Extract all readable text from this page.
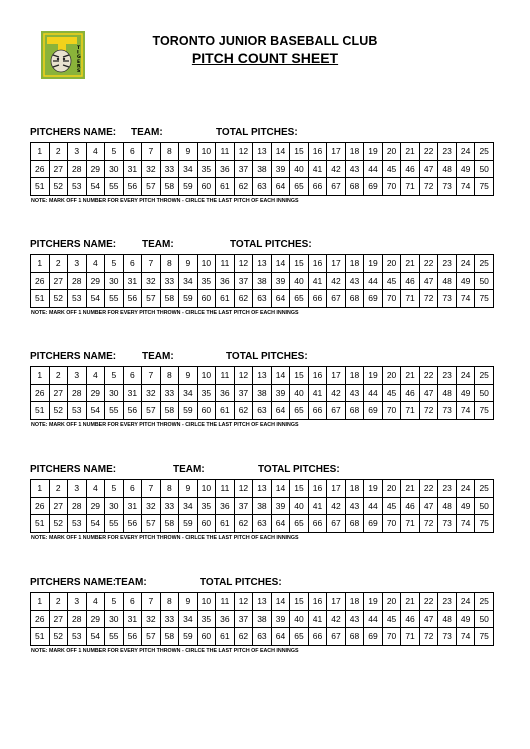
T I G E R S
TORONTO JUNIOR BASEBALL CLUB
PITCH COUNT SHEET
PITCHERS NAME: TEAM:	TOTAL PITCHES:
1	2	3	4	5	6	7	8	9	10	11	12	13	14	15	16	17	18	19	20	21	22	23	24	25
26	27	28	29	30	31	32	33	34	35	36	37	38	39	40	41	42	43	44	45	46	47	48	49	50
51	52	53	54	55	56	57	58	59	60	61	62	63	64	65	66	67	68	69	70	71	72	73	74	75
NOTE: MARK OFF 1 NUMBER FOR EVERY PITCH THROWN - CIRLCE THE LAST PITCH OF EACH INNINGS
PITCHERS NAME:	TEAM:	TOTAL PITCHES:
1	2	3	4	5	6	7	8	9	10	11	12	13	14	15	16	17	18	19	20	21	22	23	24	25
26	27	28	29	30	31	32	33	34	35	36	37	38	39	40	41	42	43	44	45	46	47	48	49	50
51	52	53	54	55	56	57	58	59	60	61	62	63	64	65	66	67	68	69	70	71	72	73	74	75
NOTE: MARK OFF 1 NUMBER FOR EVERY PITCH THROWN - CIRLCE THE LAST PITCH OF EACH INNINGS
PITCHERS NAME:	TEAM:	TOTAL PITCHES:
1	2	3	4	5	6	7	8	9	10	11	12	13	14	15	16	17	18	19	20	21	22	23	24	25
26	27	28	29	30	31	32	33	34	35	36	37	38	39	40	41	42	43	44	45	46	47	48	49	50
51	52	53	54	55	56	57	58	59	60	61	62	63	64	65	66	67	68	69	70	71	72	73	74	75
NOTE: MARK OFF 1 NUMBER FOR EVERY PITCH THROWN - CIRLCE THE LAST PITCH OF EACH INNINGS
PITCHERS NAME:	TEAM:	TOTAL PITCHES:
1	2	3	4	5	6	7	8	9	10	11	12	13	14	15	16	17	18	19	20	21	22	23	24	25
26	27	28	29	30	31	32	33	34	35	36	37	38	39	40	41	42	43	44	45	46	47	48	49	50
51	52	53	54	55	56	57	58	59	60	61	62	63	64	65	66	67	68	69	70	71	72	73	74	75
NOTE: MARK OFF 1 NUMBER FOR EVERY PITCH THROWN - CIRLCE THE LAST PITCH OF EACH INNINGS
PITCHERS NAME:
TEAM:	TOTAL PITCHES:
1	2	3	4	5	6	7	8	9	10	11	12	13	14	15	16	17	18	19	20	21	22	23	24	25
26	27	28	29	30	31	32	33	34	35	36	37	38	39	40	41	42	43	44	45	46	47	48	49	50
51	52	53	54	55	56	57	58	59	60	61	62	63	64	65	66	67	68	69	70	71	72	73	74	75
NOTE: MARK OFF 1 NUMBER FOR EVERY PITCH THROWN - CIRLCE THE LAST PITCH OF EACH INNINGS
